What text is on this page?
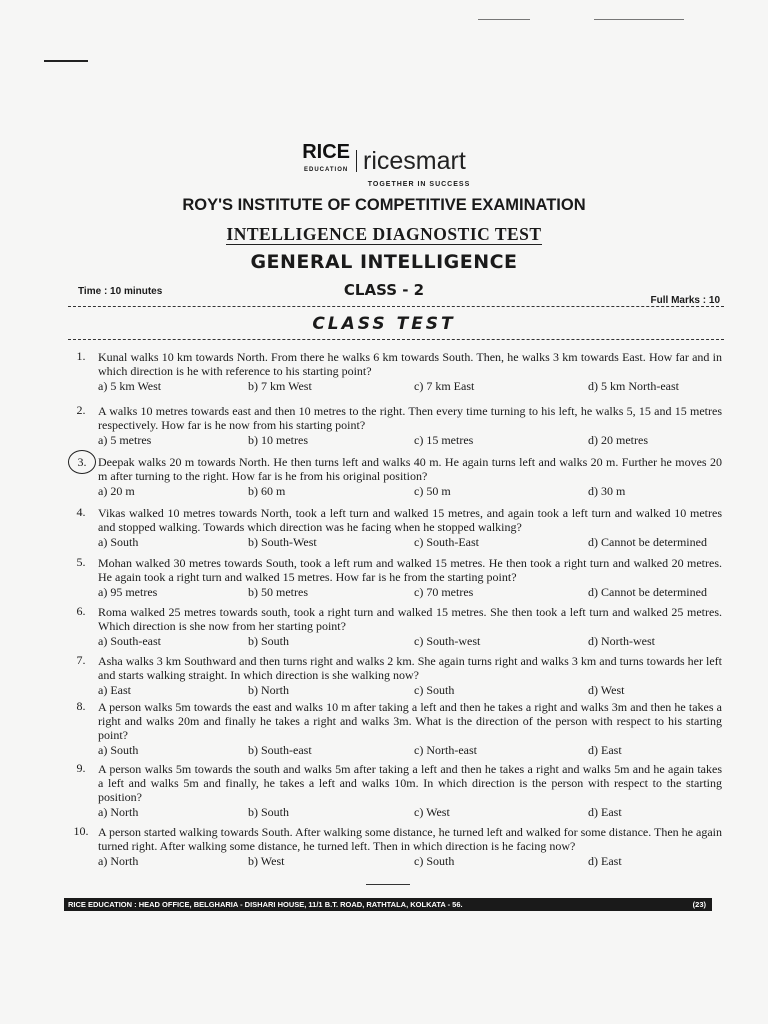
RICE
EDUCATION ricesmart
TOGETHER IN SUCCESS
ROY'S INSTITUTE OF COMPETITIVE EXAMINATION
INTELLIGENCE DIAGNOSTIC TEST
GENERAL INTELLIGENCE
Time : 10 minutes	CLASS - 2
Full Marks : 10
CLASS TEST
1.	Kunal walks 10 km towards North. From there he walks 6 km towards South. Then, he walks 3 km towards East. How far and in which direction is he with reference to his starting point?
a) 5 km West	b) 7 km West	c) 7 km East	d) 5 km North-east
2.	A walks 10 metres towards east and then 10 metres to the right. Then every time turning to his left, he walks 5, 15 and 15 metres respectively. How far is he now from his starting point?
a) 5 metres	b) 10 metres	c) 15 metres	d) 20 metres
3. Deepak walks 20 m towards North. He then turns left and walks 40 m. He again turns left and walks 20 m. Further he moves 20 m after turning to the right. How far is he from his original position?
a) 20 m	b) 60 m	c) 50 m	d) 30 m
4.	Vikas walked 10 metres towards North, took a left turn and walked 15 metres, and again took a left turn and walked 10 metres and stopped walking. Towards which direction was he facing when he stopped walking?
a) South	b) South-West	c) South-East	d) Cannot be determined
5.	Mohan walked 30 metres towards South, took a left rum and walked 15 metres. He then took a right turn and walked 20 metres. He again took a right turn and walked 15 metres. How far is he from the starting point?
a) 95 metres	b) 50 metres	c) 70 metres	d) Cannot be determined
6.	Roma walked 25 metres towards south, took a right turn and walked 15 metres. She then took a left turn and walked 25 metres. Which direction is she now from her starting point?
a) South-east	b) South	c) South-west	d) North-west
7.	Asha walks 3 km Southward and then turns right and walks 2 km. She again turns right and walks 3 km and turns towards her left and starts walking straight. In which direction is she walking now?
a) East	b) North	c) South	d) West
8.	A person walks 5m towards the east and walks 10 m after taking a left and then he takes a right and walks 3m and then he takes a right and walks 20m and finally he takes a right and walks 3m. What is the direction of the person with respect to his starting point?
a) South	b) South-east	c) North-east	d) East
9.	A person walks 5m towards the south and walks 5m after taking a left and then he takes a right and walks 5m and he again takes a left and walks 5m and finally, he takes a left and walks 10m. In which direction is the person with respect to the starting position?
a) North	b) South	c) West	d) East
10. A person started walking towards South. After walking some distance, he turned left and walked for some distance. Then he again turned right. After walking some distance, he turned left. Then in which direction is he facing now?
a) North	b) West	c) South	d) East
RICE EDUCATION : HEAD OFFICE, BELGHARIA - DISHARI HOUSE, 11/1 B.T. ROAD, RATHTALA, KOLKATA - 56.	(23)
